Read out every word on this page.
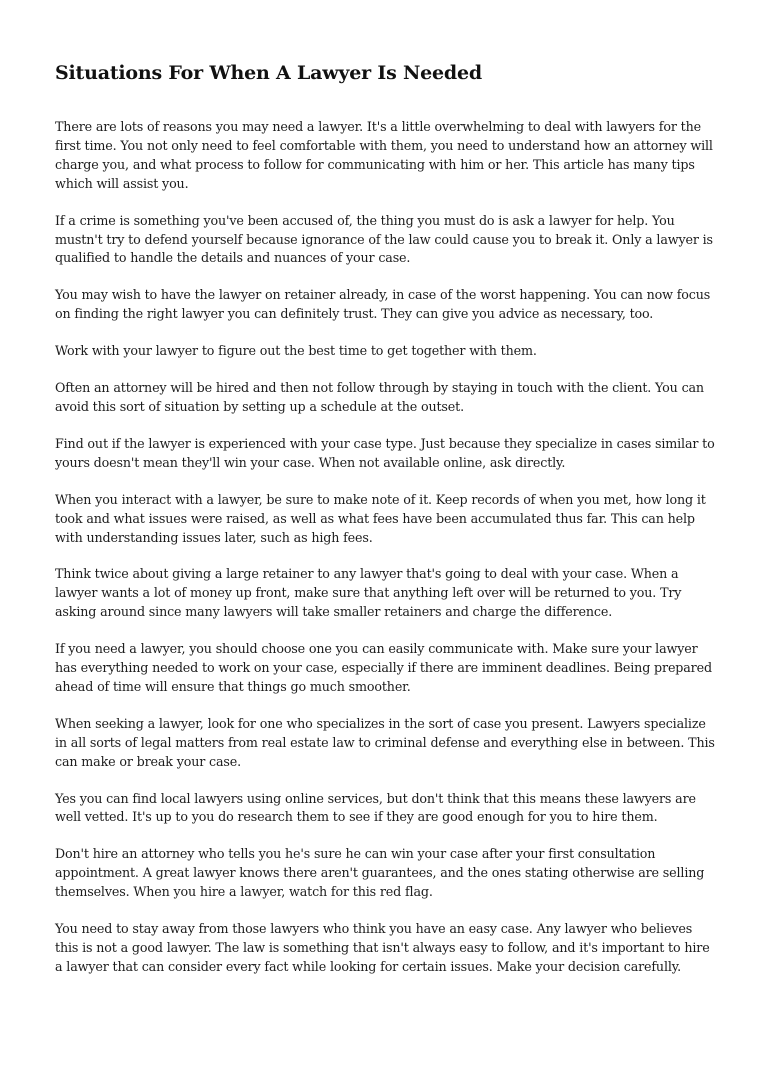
Situations For When A Lawyer Is Needed

There are lots of reasons you may need a lawyer. It's a little overwhelming to deal with lawyers for the first time. You not only need to feel comfortable with them, you need to understand how an attorney will charge you, and what process to follow for communicating with him or her. This article has many tips which will assist you.

If a crime is something you've been accused of, the thing you must do is ask a lawyer for help. You mustn't try to defend yourself because ignorance of the law could cause you to break it. Only a lawyer is qualified to handle the details and nuances of your case.

You may wish to have the lawyer on retainer already, in case of the worst happening. You can now focus on finding the right lawyer you can definitely trust. They can give you advice as necessary, too.

Work with your lawyer to figure out the best time to get together with them.

Often an attorney will be hired and then not follow through by staying in touch with the client. You can avoid this sort of situation by setting up a schedule at the outset.

Find out if the lawyer is experienced with your case type. Just because they specialize in cases similar to yours doesn't mean they'll win your case. When not available online, ask directly.

When you interact with a lawyer, be sure to make note of it. Keep records of when you met, how long it took and what issues were raised, as well as what fees have been accumulated thus far. This can help with understanding issues later, such as high fees.

Think twice about giving a large retainer to any lawyer that's going to deal with your case. When a lawyer wants a lot of money up front, make sure that anything left over will be returned to you. Try asking around since many lawyers will take smaller retainers and charge the difference.

If you need a lawyer, you should choose one you can easily communicate with. Make sure your lawyer has everything needed to work on your case, especially if there are imminent deadlines. Being prepared ahead of time will ensure that things go much smoother.

When seeking a lawyer, look for one who specializes in the sort of case you present. Lawyers specialize in all sorts of legal matters from real estate law to criminal defense and everything else in between. This can make or break your case.

Yes you can find local lawyers using online services, but don't think that this means these lawyers are well vetted. It's up to you do research them to see if they are good enough for you to hire them.

Don't hire an attorney who tells you he's sure he can win your case after your first consultation appointment. A great lawyer knows there aren't guarantees, and the ones stating otherwise are selling themselves. When you hire a lawyer, watch for this red flag.

You need to stay away from those lawyers who think you have an easy case. Any lawyer who believes this is not a good lawyer. The law is something that isn't always easy to follow, and it's important to hire a lawyer that can consider every fact while looking for certain issues. Make your decision carefully.
